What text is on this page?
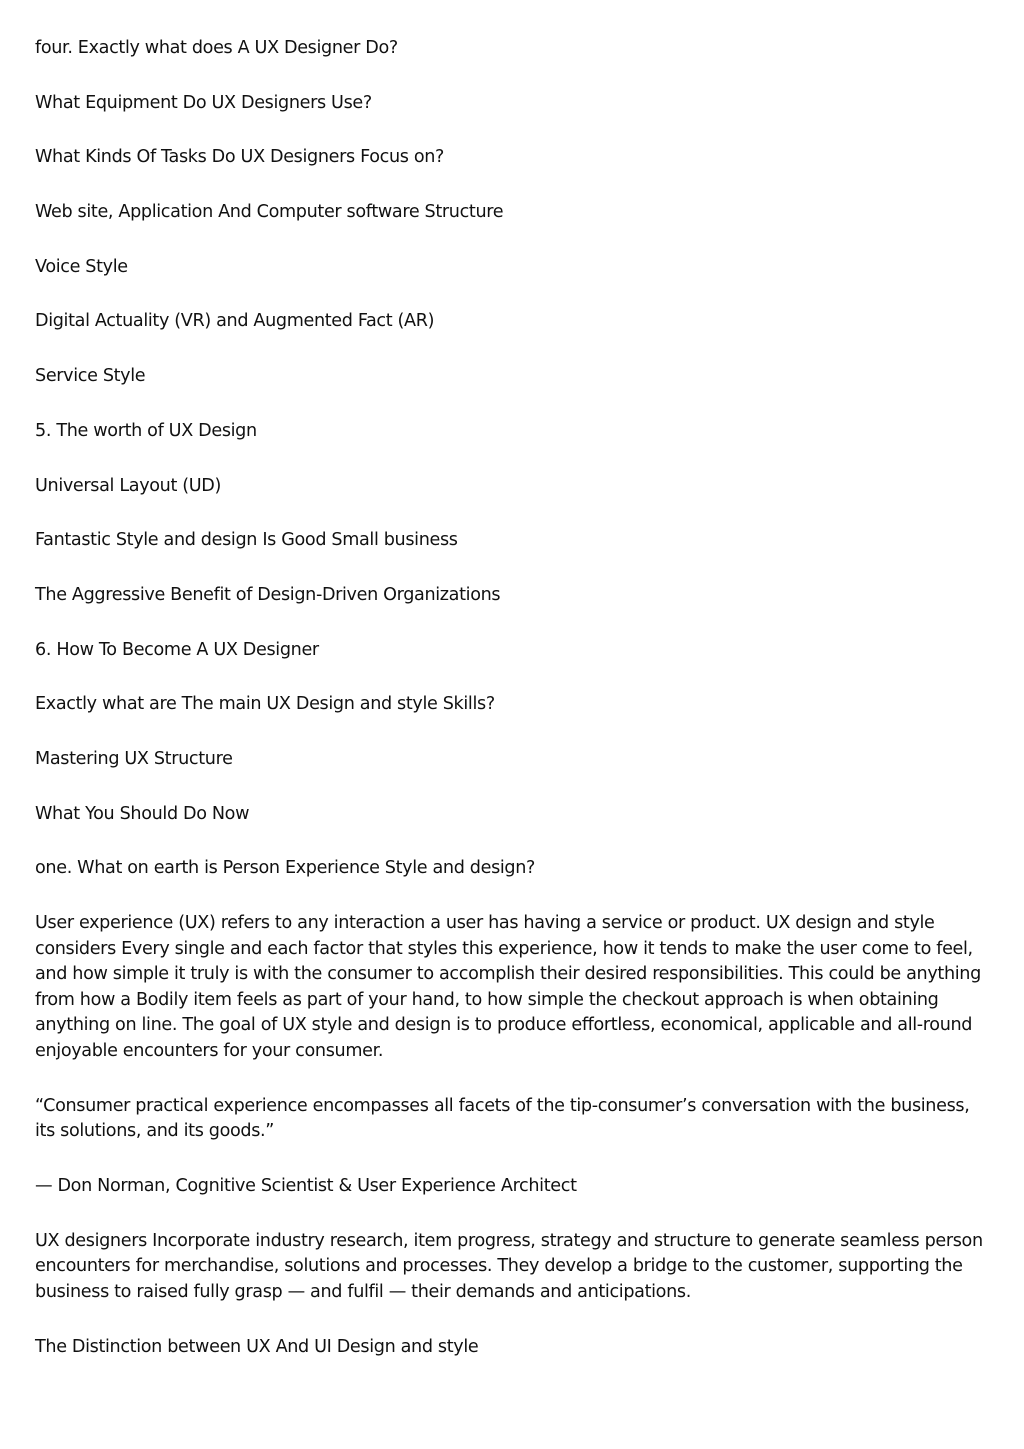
four. Exactly what does A UX Designer Do?

What Equipment Do UX Designers Use?

What Kinds Of Tasks Do UX Designers Focus on?

Web site, Application And Computer software Structure

Voice Style

Digital Actuality (VR) and Augmented Fact (AR)

Service Style

5. The worth of UX Design

Universal Layout (UD)

Fantastic Style and design Is Good Small business

The Aggressive Benefit of Design-Driven Organizations

6. How To Become A UX Designer

Exactly what are The main UX Design and style Skills?

Mastering UX Structure

What You Should Do Now

one. What on earth is Person Experience Style and design?

User experience (UX) refers to any interaction a user has having a service or product. UX design and style considers Every single and each factor that styles this experience, how it tends to make the user come to feel, and how simple it truly is with the consumer to accomplish their desired responsibilities. This could be anything from how a Bodily item feels as part of your hand, to how simple the checkout approach is when obtaining anything on line. The goal of UX style and design is to produce effortless, economical, applicable and all-round enjoyable encounters for your consumer.

“Consumer practical experience encompasses all facets of the tip-consumer’s conversation with the business, its solutions, and its goods.”

— Don Norman, Cognitive Scientist & User Experience Architect

UX designers Incorporate industry research, item progress, strategy and structure to generate seamless person encounters for merchandise, solutions and processes. They develop a bridge to the customer, supporting the business to raised fully grasp — and fulfil — their demands and anticipations.

The Distinction between UX And UI Design and style
